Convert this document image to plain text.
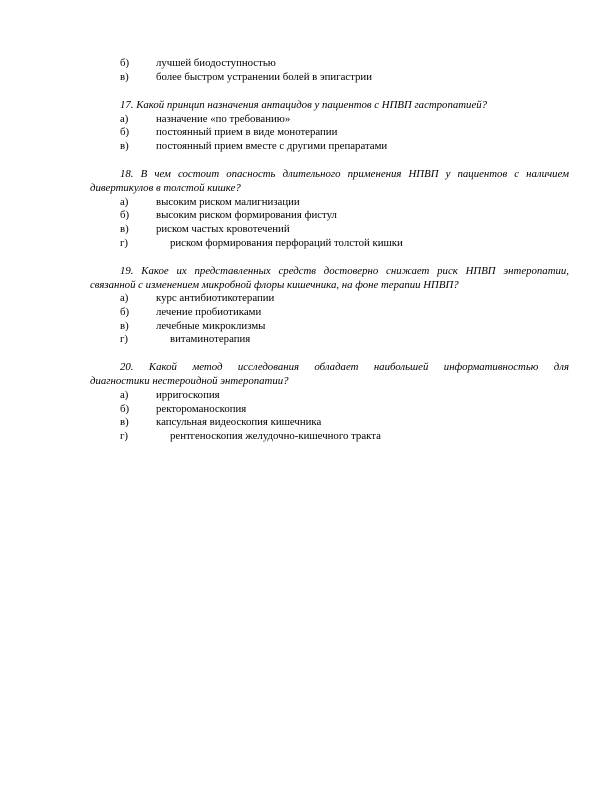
б) лучшей биодоступностью
в)	более быстром устранении болей в эпигастрии
17. Какой принцип назначения антацидов у пациентов с НПВП гастропатией?
а)	назначение «по требованию»
б) постоянный прием в виде монотерапии
в)	постоянный прием вместе с другими препаратами
18. В чем состоит опасность длительного применения НПВП у пациентов с наличием
дивертикулов в толстой кишке?
а)	высоким риском малигнизации
б) высоким риском формирования фистул
в)	риском частых кровотечений
г)	риском формирования перфораций толстой кишки
19. Какое их представленных средств достоверно снижает риск НПВП энтеропатии,
связанной с изменением микробной флоры кишечника, на фоне терапии НПВП?
а)	курс антибиотикотерапии
б) лечение пробиотиками
в)	лечебные микроклизмы
г)	витаминотерапия
20. Какой метод исследования обладает наибольшей информативностью для
диагностики нестероидной энтеропатии?
а)	ирригоскопия
б) ректороманоскопия
в)	капсульная видеоскопия кишечника
г)	рентгеноскопия желудочно-кишечного тракта
